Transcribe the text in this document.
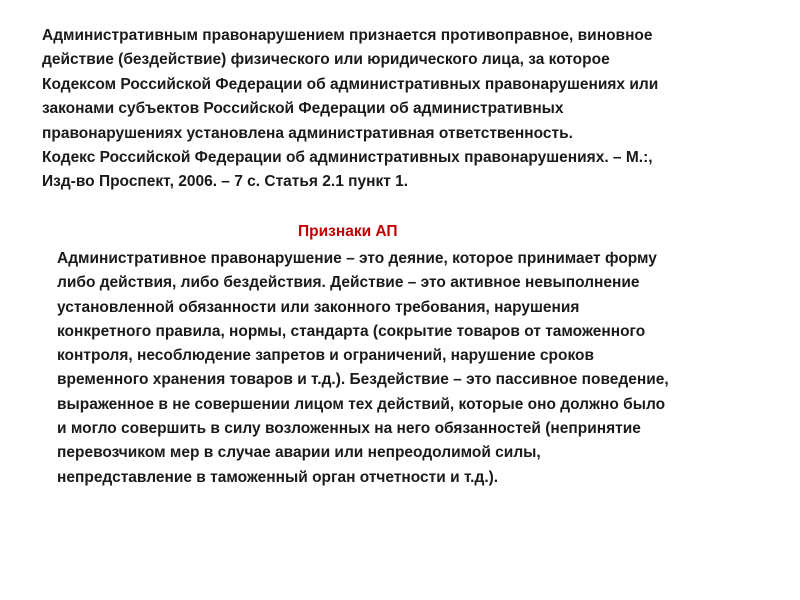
Административным правонарушением признается противоправное, виновное
действие (бездействие) физического или юридического лица, за которое
Кодексом Российской Федерации об административных правонарушениях или
законами субъектов Российской Федерации об административных
правонарушениях установлена административная ответственность.
Кодекс Российской Федерации об административных правонарушениях. – М.:,
Изд-во Проспект, 2006. – 7 с. Статья 2.1 пункт 1.

Признаки АП

Административное правонарушение – это деяние, которое принимает форму
либо действия, либо бездействия. Действие – это активное невыполнение
установленной обязанности или законного требования, нарушения
конкретного правила, нормы, стандарта (сокрытие товаров от таможенного
контроля, несоблюдение запретов и ограничений, нарушение сроков
временного хранения товаров и т.д.). Бездействие – это пассивное поведение,
выраженное в не совершении лицом тех действий, которые оно должно было
и могло совершить в силу возложенных на него обязанностей (непринятие
перевозчиком мер в случае аварии или непреодолимой силы,
непредставление в таможенный орган отчетности и т.д.).
